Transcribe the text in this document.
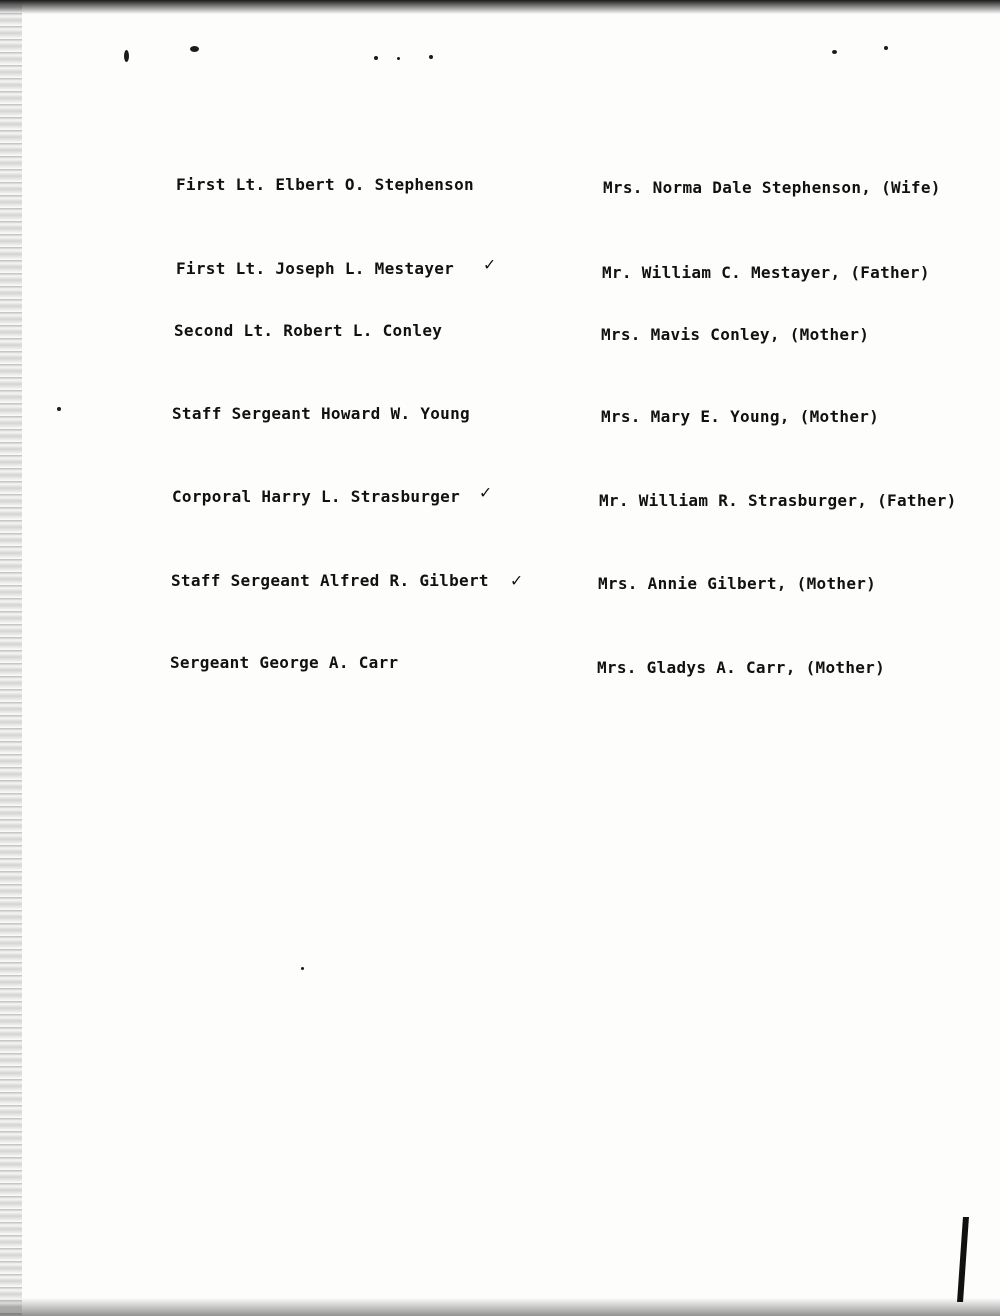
First Lt. Elbert O. Stephenson	Mrs. Norma Dale Stephenson, (Wife)
First Lt. Joseph L. Mestayer ✓	Mr. William C. Mestayer, (Father)
Second Lt. Robert L. Conley	Mrs. Mavis Conley, (Mother)
Staff Sergeant Howard W. Young	Mrs. Mary E. Young, (Mother)
Corporal Harry L. Strasburger ✓	Mr. William R. Strasburger, (Father)
Staff Sergeant Alfred R. Gilbert ✓	Mrs. Annie Gilbert, (Mother)
Sergeant George A. Carr	Mrs. Gladys A. Carr, (Mother)
